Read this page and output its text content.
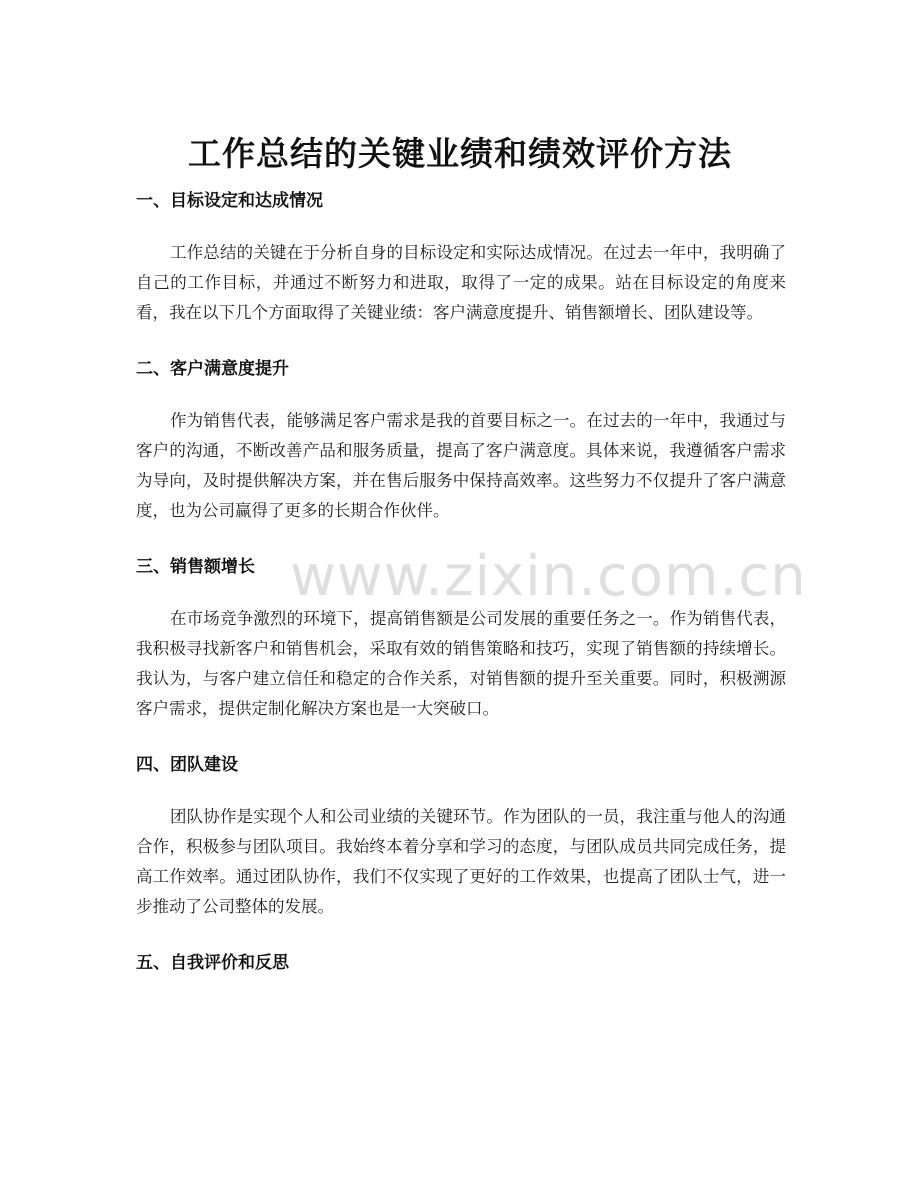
工作总结的关键业绩和绩效评价方法
一、目标设定和达成情况

工作总结的关键在于分析自身的目标设定和实际达成情况。在过去一年中，我明确了自己的工作目标，并通过不断努力和进取，取得了一定的成果。站在目标设定的角度来看，我在以下几个方面取得了关键业绩：客户满意度提升、销售额增长、团队建设等。

二、客户满意度提升

作为销售代表，能够满足客户需求是我的首要目标之一。在过去的一年中，我通过与客户的沟通，不断改善产品和服务质量，提高了客户满意度。具体来说，我遵循客户需求为导向，及时提供解决方案，并在售后服务中保持高效率。这些努力不仅提升了客户满意度，也为公司赢得了更多的长期合作伙伴。

三、销售额增长

在市场竞争激烈的环境下，提高销售额是公司发展的重要任务之一。作为销售代表，我积极寻找新客户和销售机会，采取有效的销售策略和技巧，实现了销售额的持续增长。我认为，与客户建立信任和稳定的合作关系，对销售额的提升至关重要。同时，积极溯源客户需求，提供定制化解决方案也是一大突破口。

四、团队建设

团队协作是实现个人和公司业绩的关键环节。作为团队的一员，我注重与他人的沟通合作，积极参与团队项目。我始终本着分享和学习的态度，与团队成员共同完成任务，提高工作效率。通过团队协作，我们不仅实现了更好的工作效果，也提高了团队士气，进一步推动了公司整体的发展。

五、自我评价和反思
www.zixin.com.cn
